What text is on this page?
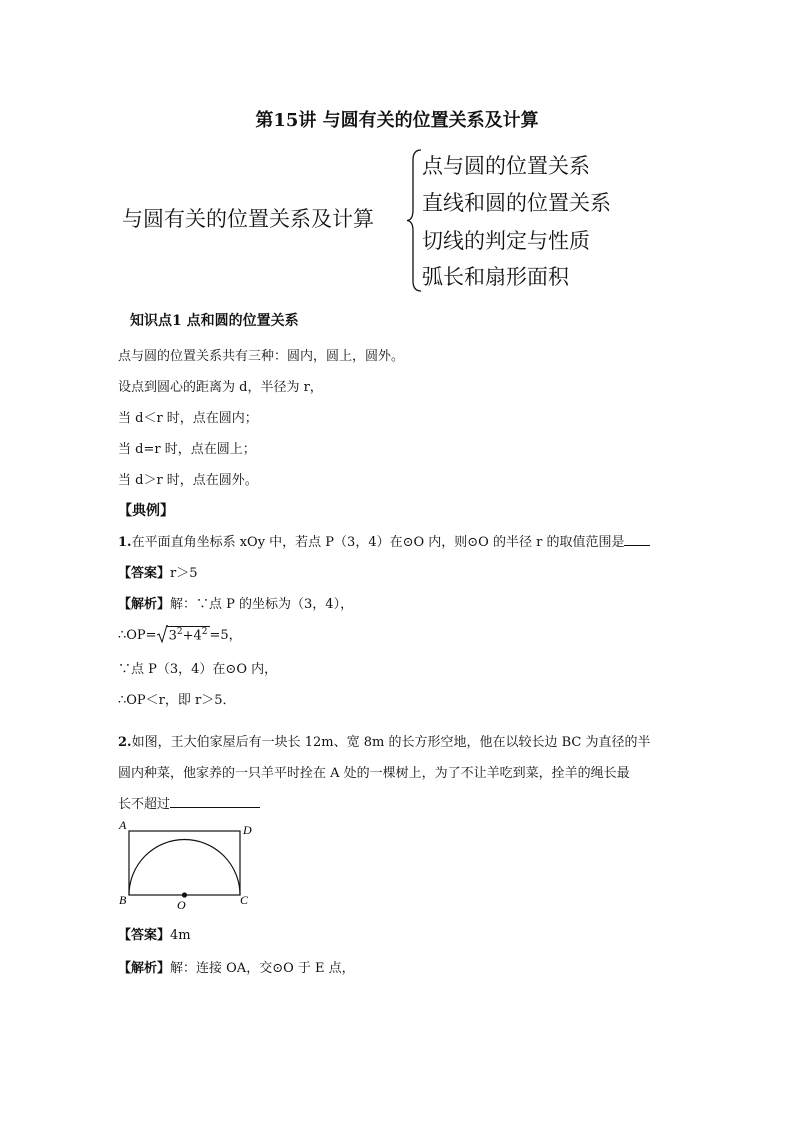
第15讲 与圆有关的位置关系及计算
与圆有关的位置关系及计算
点与圆的位置关系
直线和圆的位置关系
切线的判定与性质
弧长和扇形面积
知识点1 点和圆的位置关系
点与圆的位置关系共有三种：圆内，圆上，圆外。
设点到圆心的距离为 d，半径为 r，
当 d＜r 时，点在圆内；
当 d=r 时，点在圆上；
当 d＞r 时，点在圆外。
【典例】
1.在平面直角坐标系 xOy 中，若点 P（3，4）在⊙O 内，则⊙O 的半径 r 的取值范围是
【答案】r＞5
【解析】解：∵点 P 的坐标为（3，4），
∴OP= $3^2+4^2 =5$，
∵点 P（3，4）在⊙O 内，
∴OP＜r，即 r＞5．
2.如图，王大伯家屋后有一块长 12m、宽 8m 的长方形空地，他在以较长边 BC 为直径的半
圆内种菜，他家养的一只羊平时拴在 A 处的一棵树上，为了不让羊吃到菜，拴羊的绳长最
长不超过
A	D
B	C
O
【答案】4m
【解析】解：连接 OA，交⊙O 于 E 点，
